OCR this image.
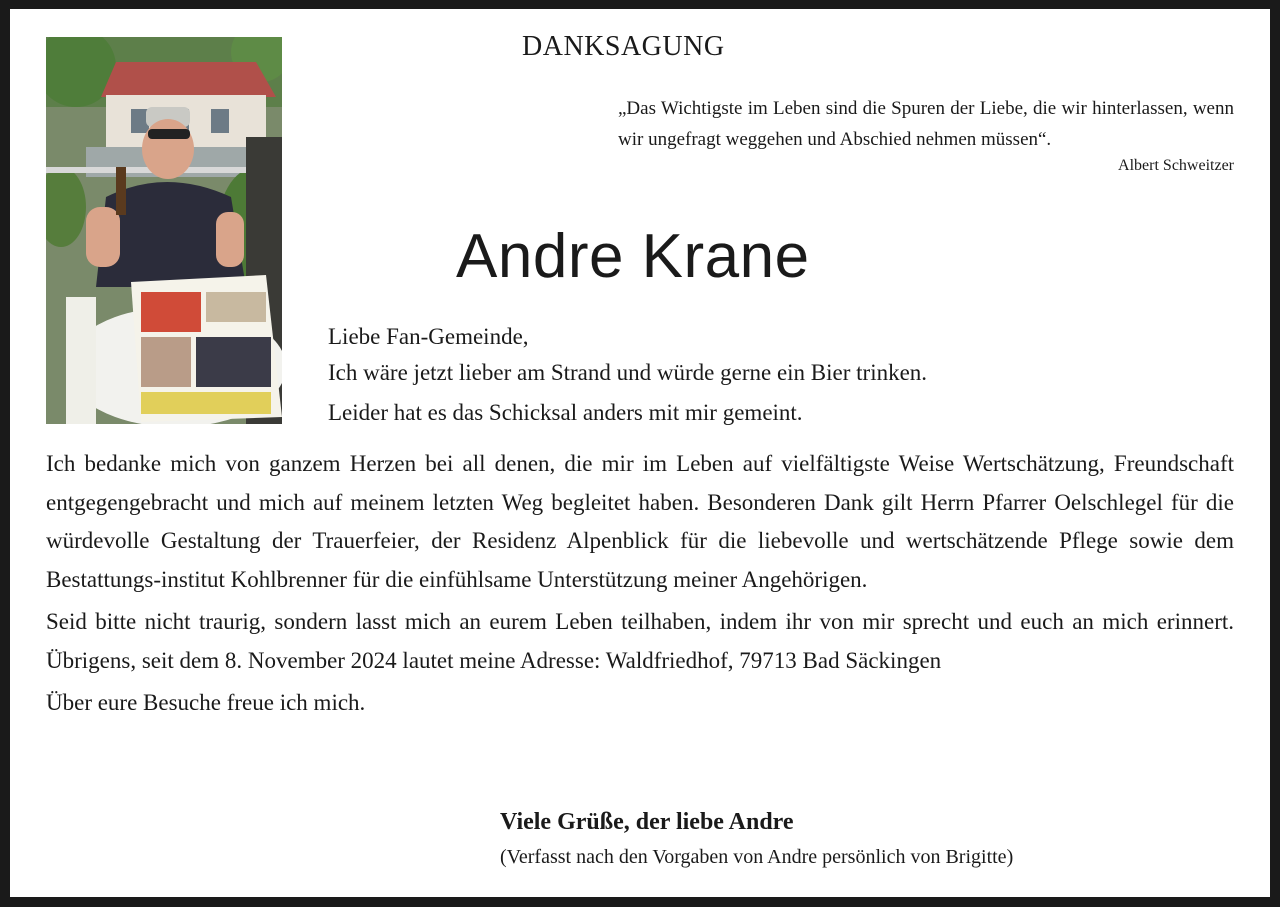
DANKSAGUNG
„Das Wichtigste im Leben sind die Spuren der Liebe, die wir hinterlassen, wenn wir ungefragt weggehen und Abschied nehmen müssen“.
Albert Schweitzer
Andre Krane

Liebe Fan-Gemeinde,

Ich wäre jetzt lieber am Strand und würde gerne ein Bier trinken.

Leider hat es das Schicksal anders mit mir gemeint.

Ich bedanke mich von ganzem Herzen bei all denen, die mir im Leben auf vielfältigste Weise Wertschätzung, Freundschaft entgegengebracht und mich auf meinem letzten Weg begleitet haben. Besonderen Dank gilt Herrn Pfarrer Oelschlegel für die würdevolle Gestaltung der Trauerfeier, der Residenz Alpenblick für die liebevolle und wertschätzende Pflege sowie dem Bestattungs-institut Kohlbrenner für die einfühlsame Unterstützung meiner Angehörigen.

Seid bitte nicht traurig, sondern lasst mich an eurem Leben teilhaben, indem ihr von mir sprecht und euch an mich erinnert. Übrigens, seit dem 8. November 2024 lautet meine Adresse: Waldfriedhof, 79713 Bad Säckingen

Über eure Besuche freue ich mich.

Viele Grüße, der liebe Andre
(Verfasst nach den Vorgaben von Andre persönlich von Brigitte)
